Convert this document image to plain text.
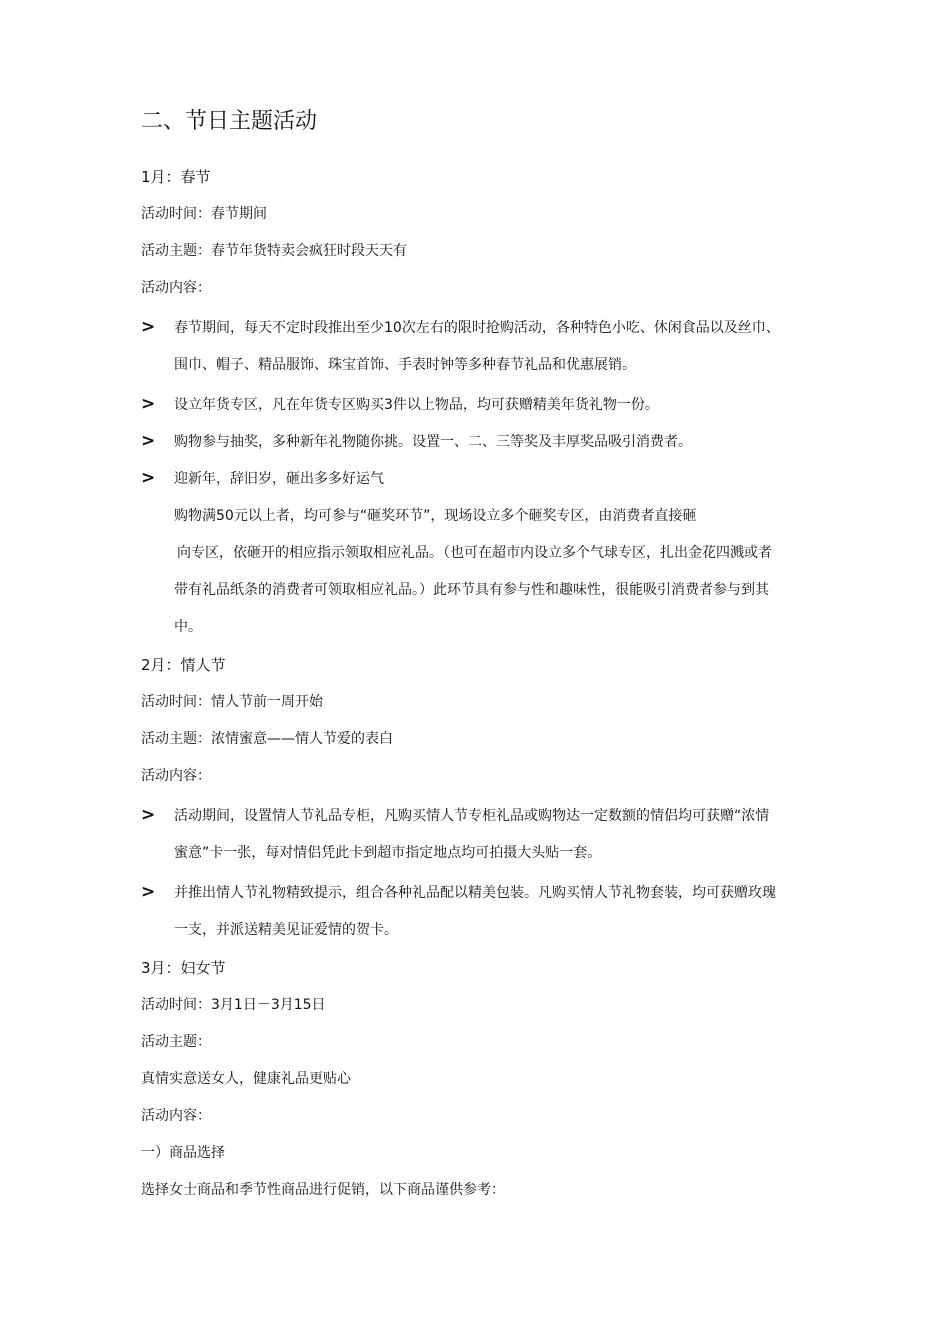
二、节日主题活动
1月：春节
活动时间：春节期间
活动主题：春节年货特卖会疯狂时段天天有
活动内容：
> 春节期间，每天不定时段推出至少10次左右的限时抢购活动，各种特色小吃、休闲食品以及丝巾、
围巾、帽子、精品服饰、珠宝首饰、手表时钟等多种春节礼品和优惠展销。
> 设立年货专区，凡在年货专区购买3件以上物品，均可获赠精美年货礼物一份。
> 购物参与抽奖，多种新年礼物随你挑。设置一、二、三等奖及丰厚奖品吸引消费者。
> 迎新年，辞旧岁，砸出多多好运气
购物满50元以上者，均可参与“砸奖环节”，现场设立多个砸奖专区，由消费者直接砸
向专区，依砸开的相应指示领取相应礼品。（也可在超市内设立多个气球专区，扎出金花四溅或者
带有礼品纸条的消费者可领取相应礼品。）此环节具有参与性和趣味性，很能吸引消费者参与到其
中。
2月：情人节
活动时间：情人节前一周开始
活动主题：浓情蜜意——情人节爱的表白
活动内容：
> 活动期间，设置情人节礼品专柜，凡购买情人节专柜礼品或购物达一定数额的情侣均可获赠“浓情
蜜意”卡一张，每对情侣凭此卡到超市指定地点均可拍摄大头贴一套。
> 并推出情人节礼物精致提示，组合各种礼品配以精美包装。凡购买情人节礼物套装，均可获赠玫瑰
一支，并派送精美见证爱情的贺卡。
3月：妇女节
活动时间：3月1日－3月15日
活动主题：
真情实意送女人，健康礼品更贴心
活动内容：
一）商品选择
选择女士商品和季节性商品进行促销，以下商品谨供参考：
